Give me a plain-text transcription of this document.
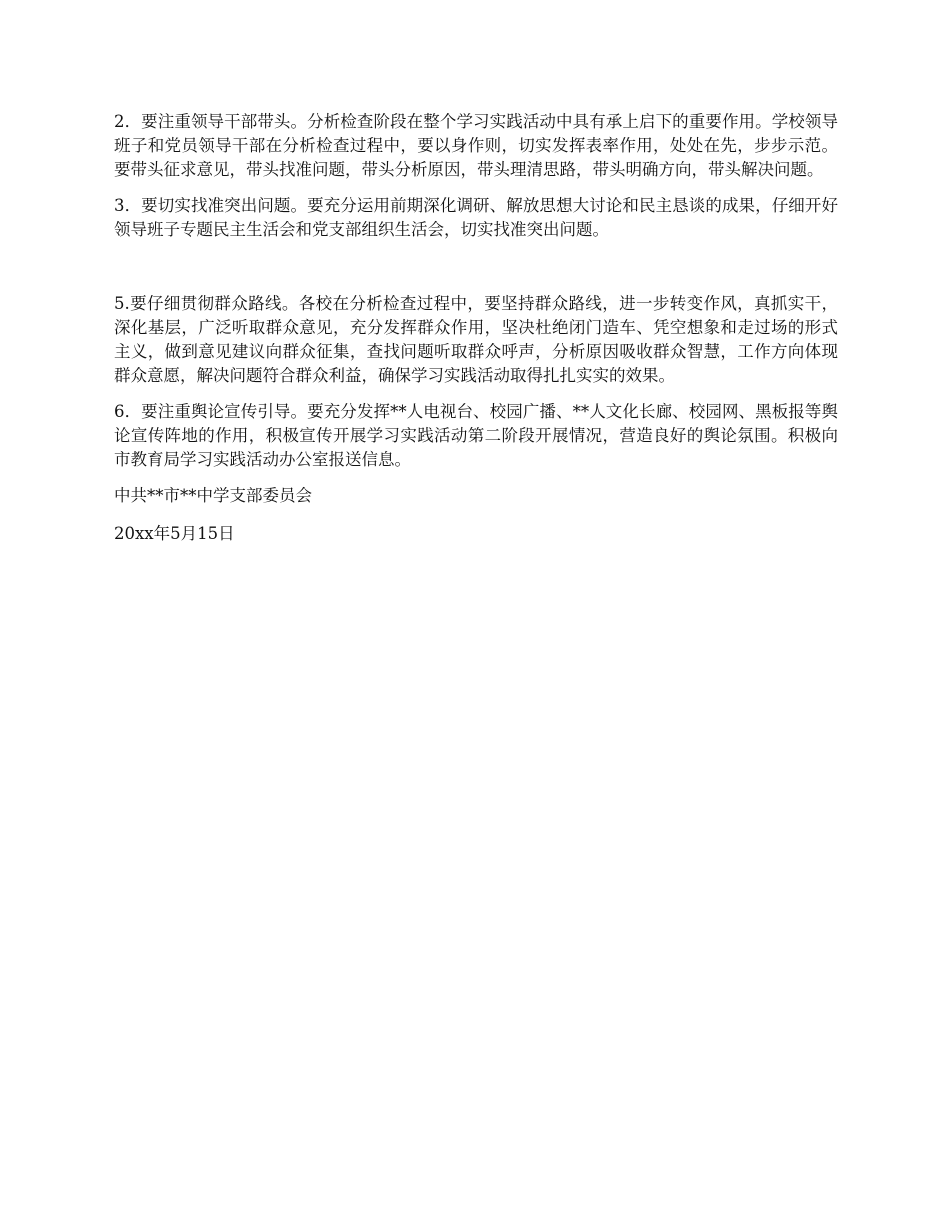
2．要注重领导干部带头。分析检查阶段在整个学习实践活动中具有承上启下的重要作用。学校领导班子和党员领导干部在分析检查过程中，要以身作则，切实发挥表率作用，处处在先，步步示范。要带头征求意见，带头找准问题，带头分析原因，带头理清思路，带头明确方向，带头解决问题。

3．要切实找准突出问题。要充分运用前期深化调研、解放思想大讨论和民主恳谈的成果，仔细开好领导班子专题民主生活会和党支部组织生活会，切实找准突出问题。

5.要仔细贯彻群众路线。各校在分析检查过程中，要坚持群众路线，进一步转变作风，真抓实干，深化基层，广泛听取群众意见，充分发挥群众作用，坚决杜绝闭门造车、凭空想象和走过场的形式主义，做到意见建议向群众征集，查找问题听取群众呼声，分析原因吸收群众智慧，工作方向体现群众意愿，解决问题符合群众利益，确保学习实践活动取得扎扎实实的效果。

6．要注重舆论宣传引导。要充分发挥**人电视台、校园广播、**人文化长廊、校园网、黑板报等舆论宣传阵地的作用，积极宣传开展学习实践活动第二阶段开展情况，营造良好的舆论氛围。积极向市教育局学习实践活动办公室报送信息。

中共**市**中学支部委员会

20xx年5月15日
